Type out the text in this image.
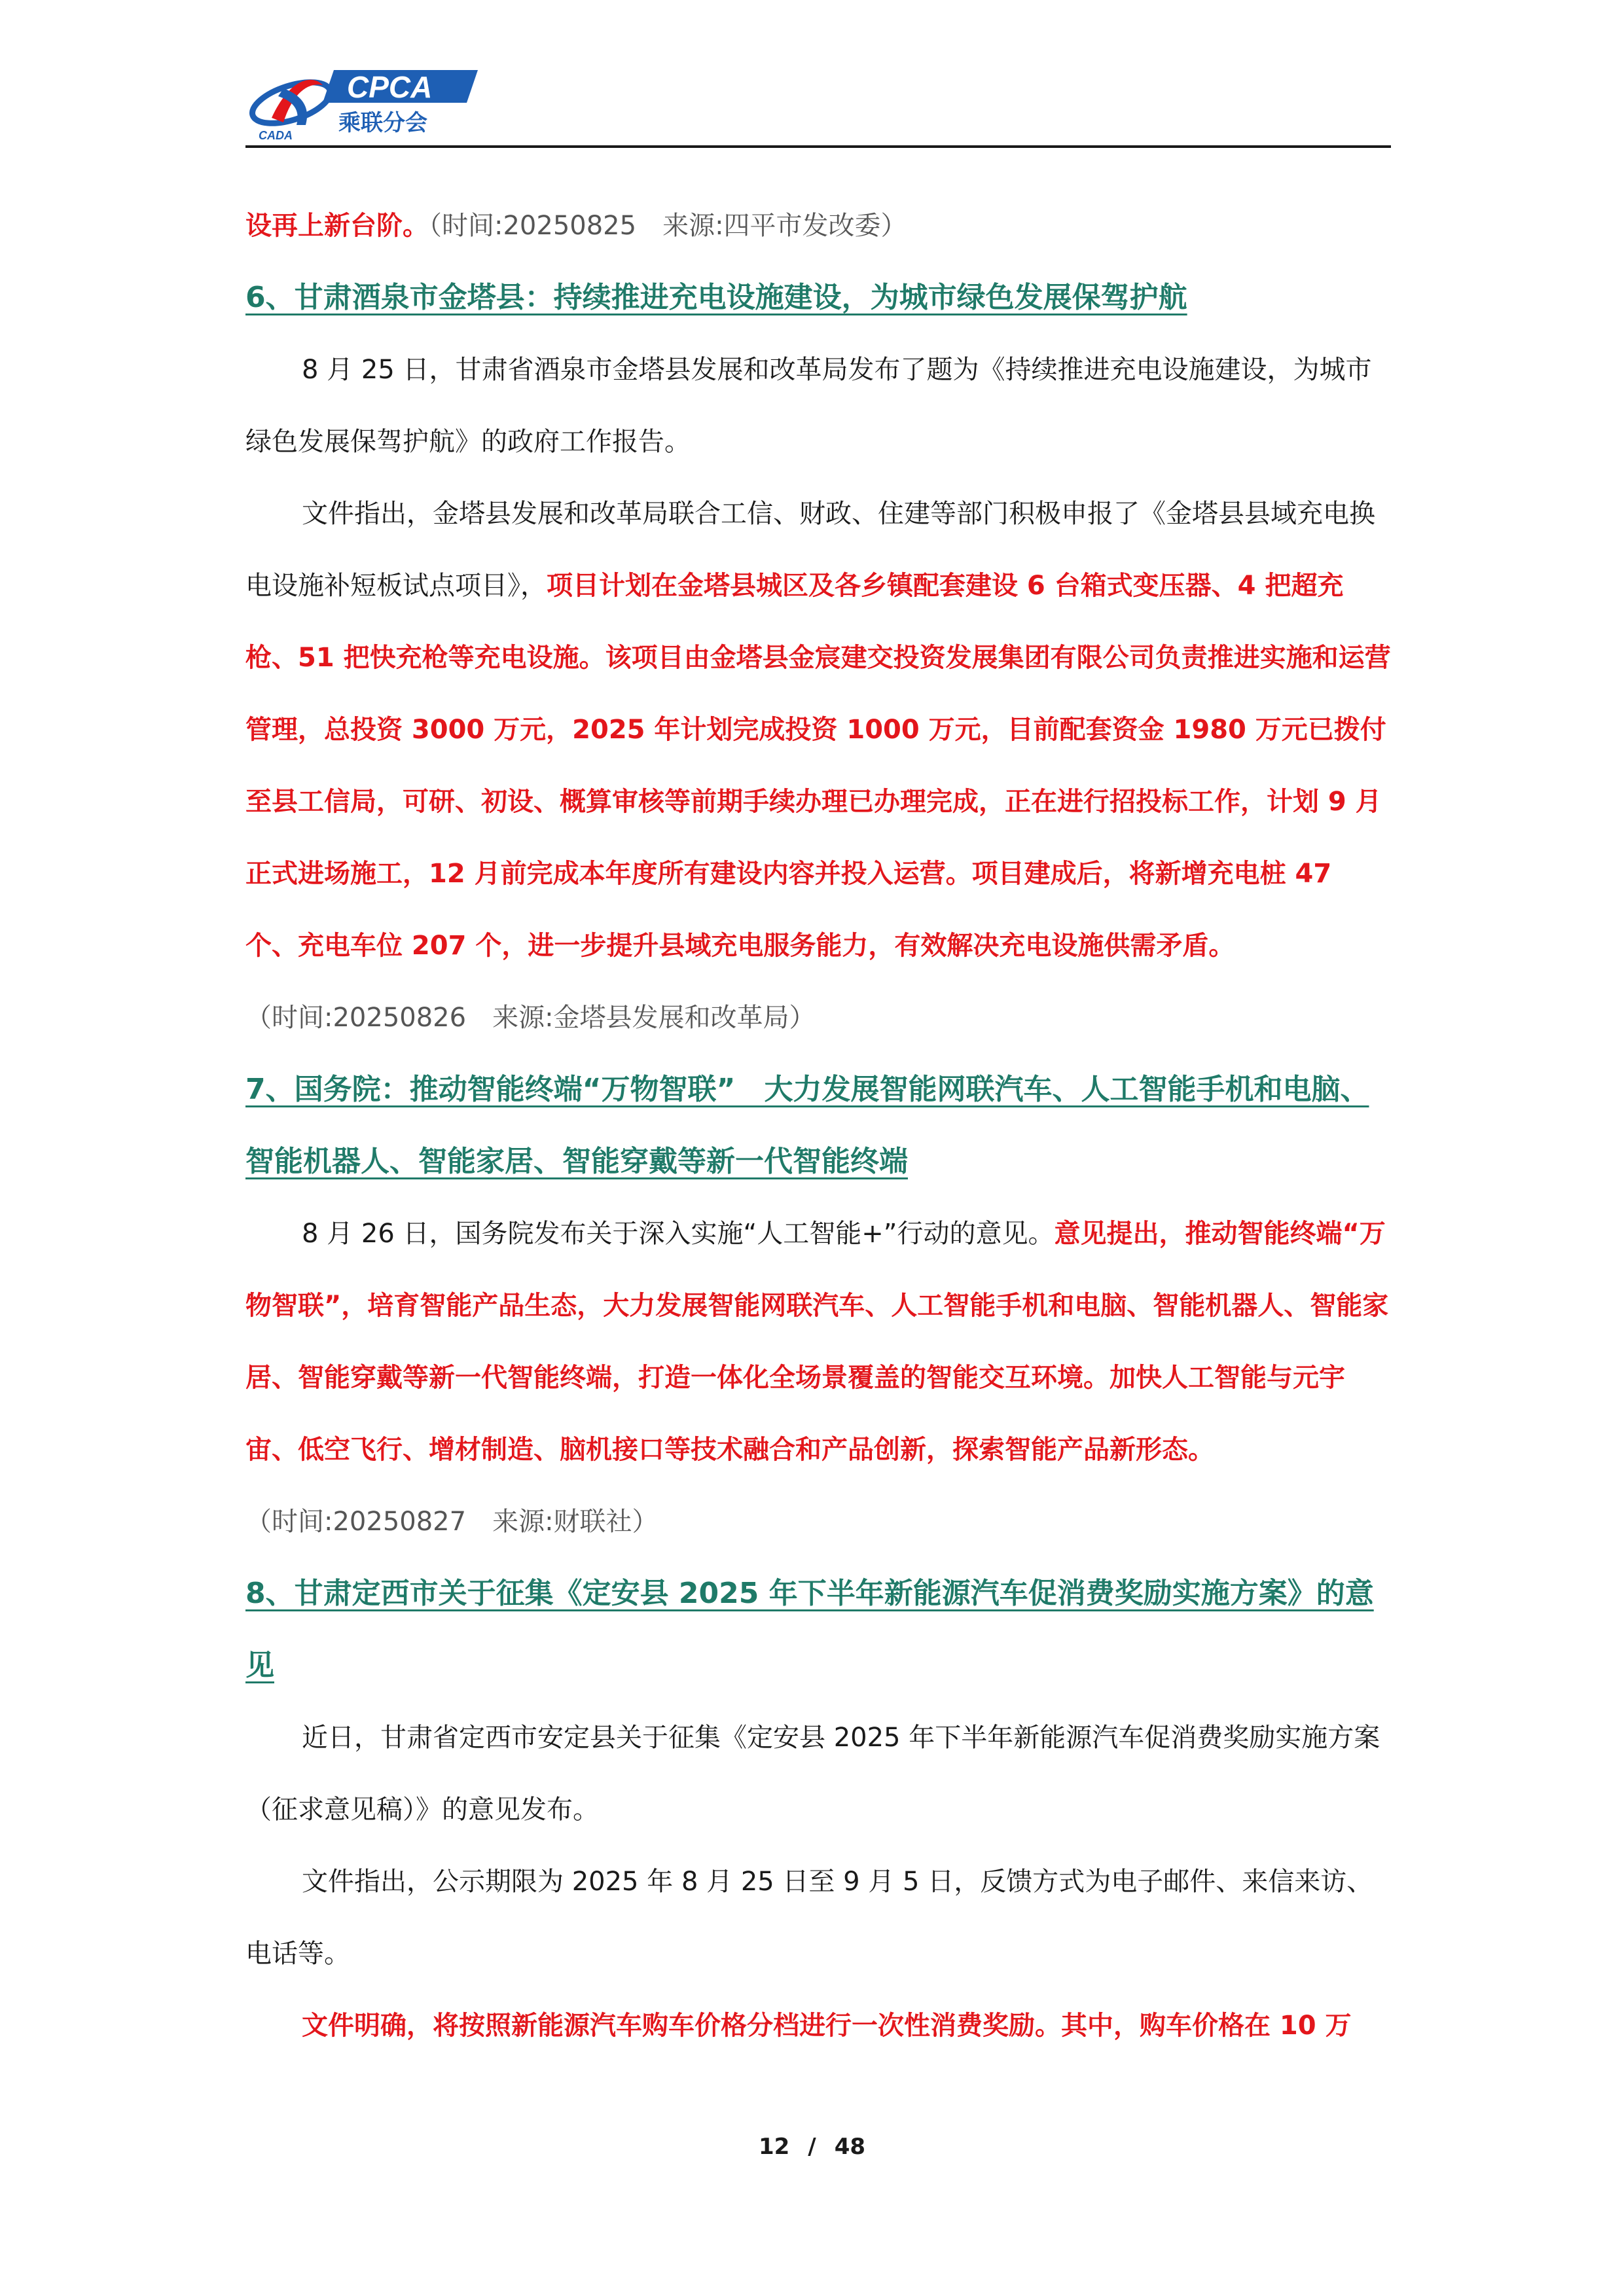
CPCA
乘联分会
CADA

设再上新台阶。（时间:20250825　来源:四平市发改委）

6、甘肃酒泉市金塔县：持续推进充电设施建设，为城市绿色发展保驾护航

8 月 25 日，甘肃省酒泉市金塔县发展和改革局发布了题为《持续推进充电设施建设，为城市绿色发展保驾护航》的政府工作报告。

文件指出，金塔县发展和改革局联合工信、财政、住建等部门积极申报了《金塔县县域充电换电设施补短板试点项目》，项目计划在金塔县城区及各乡镇配套建设 6 台箱式变压器、4 把超充枪、51 把快充枪等充电设施。该项目由金塔县金宸建交投资发展集团有限公司负责推进实施和运营管理，总投资 3000 万元，2025 年计划完成投资 1000 万元，目前配套资金 1980 万元已拨付至县工信局，可研、初设、概算审核等前期手续办理已办理完成，正在进行招投标工作，计划 9 月正式进场施工，12 月前完成本年度所有建设内容并投入运营。项目建成后，将新增充电桩 47 个、充电车位 207 个，进一步提升县域充电服务能力，有效解决充电设施供需矛盾。

（时间:20250826　来源:金塔县发展和改革局）

7、国务院：推动智能终端“万物智联”　大力发展智能网联汽车、人工智能手机和电脑、智能机器人、智能家居、智能穿戴等新一代智能终端

8 月 26 日，国务院发布关于深入实施“人工智能+”行动的意见。意见提出，推动智能终端“万物智联”，培育智能产品生态，大力发展智能网联汽车、人工智能手机和电脑、智能机器人、智能家居、智能穿戴等新一代智能终端，打造一体化全场景覆盖的智能交互环境。加快人工智能与元宇宙、低空飞行、增材制造、脑机接口等技术融合和产品创新，探索智能产品新形态。

（时间:20250827　来源:财联社）

8、甘肃定西市关于征集《定安县 2025 年下半年新能源汽车促消费奖励实施方案》的意见

近日，甘肃省定西市安定县关于征集《定安县 2025 年下半年新能源汽车促消费奖励实施方案（征求意见稿）》的意见发布。

文件指出，公示期限为 2025 年 8 月 25 日至 9 月 5 日，反馈方式为电子邮件、来信来访、电话等。

文件明确，将按照新能源汽车购车价格分档进行一次性消费奖励。其中，购车价格在 10 万

12 / 48
